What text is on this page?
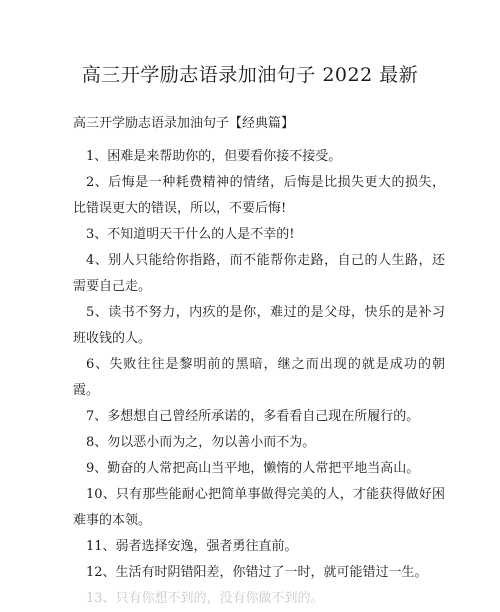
高三开学励志语录加油句子 2022 最新

高三开学励志语录加油句子【经典篇】

1、困难是来帮助你的，但要看你接不接受。
2、后悔是一种耗费精神的情绪，后悔是比损失更大的损失，比错误更大的错误，所以，不要后悔!
3、不知道明天干什么的人是不幸的!
4、别人只能给你指路，而不能帮你走路，自己的人生路，还需要自己走。
5、读书不努力，内疚的是你，难过的是父母，快乐的是补习班收钱的人。
6、失败往往是黎明前的黑暗，继之而出现的就是成功的朝霞。
7、多想想自己曾经所承诺的，多看看自己现在所履行的。
8、勿以恶小而为之，勿以善小而不为。
9、勤奋的人常把高山当平地，懒惰的人常把平地当高山。
10、只有那些能耐心把简单事做得完美的人，才能获得做好困难事的本领。
11、弱者选择安逸，强者勇往直前。
12、生活有时阴错阳差，你错过了一时，就可能错过一生。
13、只有你想不到的，没有你做不到的。
